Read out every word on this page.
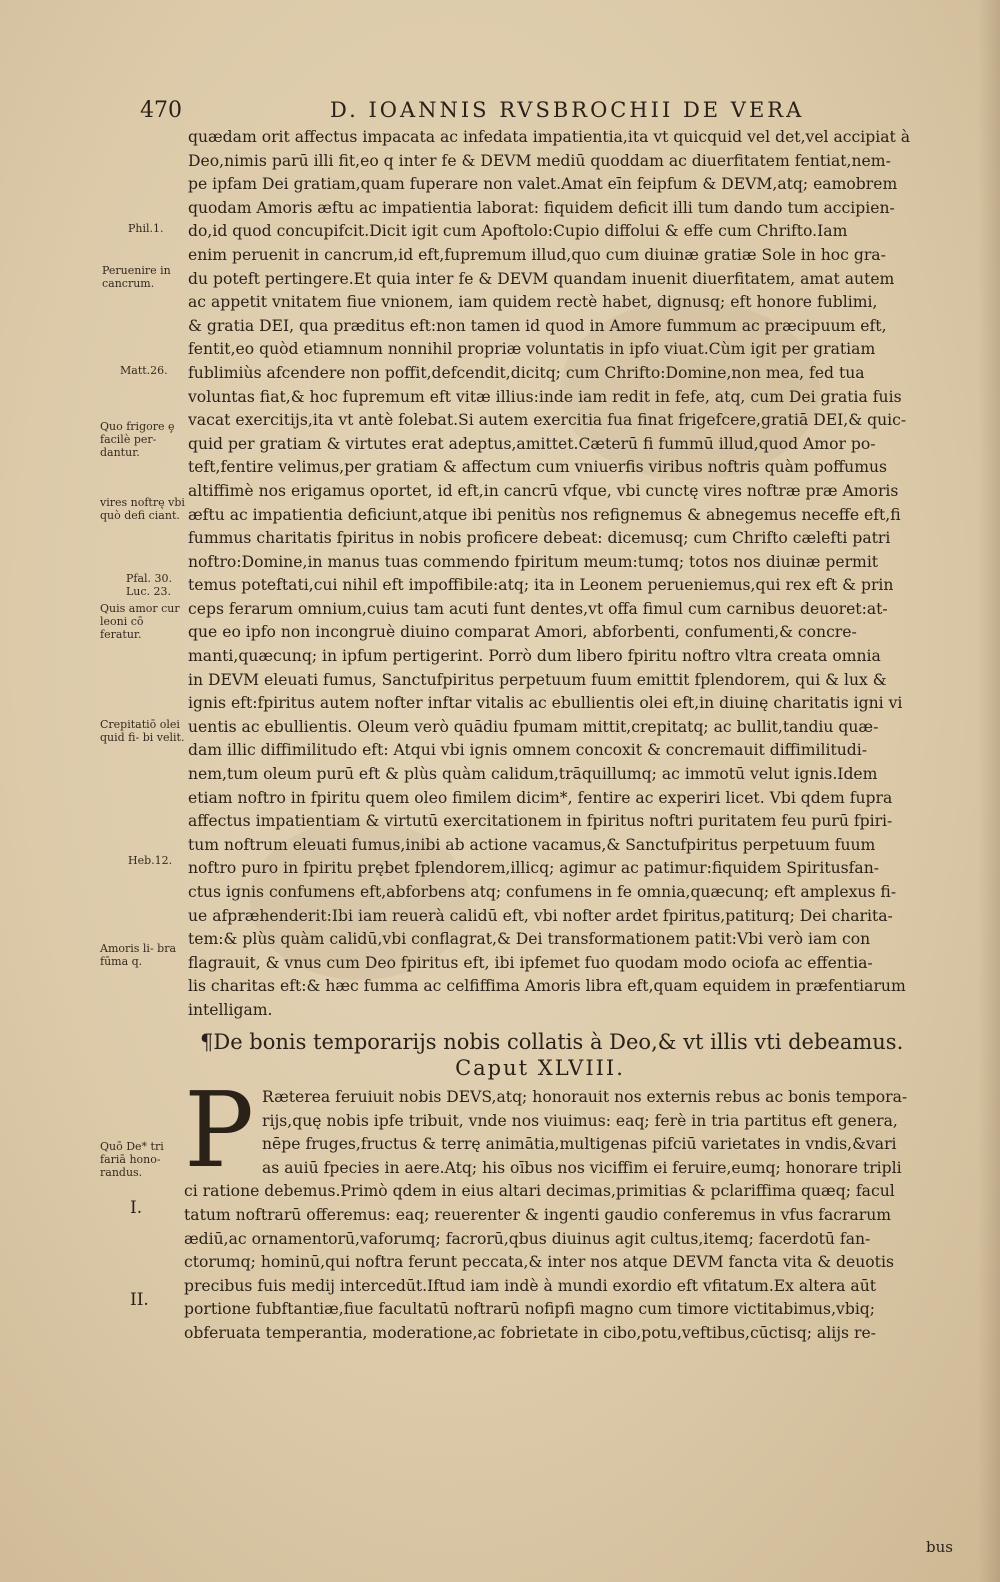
470	D. IOANNIS RVSBROCHII DE VERA
quædam orit affectus impacata ac infedata impatientia,ita vt quicquid vel det,vel accipiat à
Deo,nimis parū illi fit,eo q inter fe & DEVM mediū quoddam ac diuerfitatem fentiat,nem-
pe ipfam Dei gratiam,quam fuperare non valet.Amat eīn feipfum & DEVM,atq; eamobrem
quodam Amoris æftu ac impatientia laborat: fiquidem deficit illi tum dando tum accipien-
do,id quod concupifcit.Dicit igit cum Apoftolo:Cupio diffolui & effe cum Chrifto.Iam
enim peruenit in cancrum,id eft,fupremum illud,quo cum diuinæ gratiæ Sole in hoc gra-
du poteft pertingere.Et quia inter fe & DEVM quandam inuenit diuerfitatem, amat autem
ac appetit vnitatem fiue vnionem, iam quidem rectè habet, dignusq; eft honore fublimi,
& gratia DEI, qua præditus eft:non tamen id quod in Amore fummum ac præcipuum eft,
fentit,eo quòd etiamnum nonnihil propriæ voluntatis in ipfo viuat.Cùm igit per gratiam
fublimiùs afcendere non poffit,defcendit,dicitq; cum Chrifto:Domine,non mea, fed tua
voluntas fiat,& hoc fupremum eft vitæ illius:inde iam redit in fefe, atq, cum Dei gratia fuis
vacat exercitijs,ita vt antè folebat.Si autem exercitia fua finat frigefcere,gratiā DEI,& quic-
quid per gratiam & virtutes erat adeptus,amittet.Cæterū fi fummū illud,quod Amor po-
teft,fentire velimus,per gratiam & affectum cum vniuerfis viribus noftris quàm poffumus
altiffimè nos erigamus oportet, id eft,in cancrū vfque, vbi cunctę vires noftræ præ Amoris
æftu ac impatientia deficiunt,atque ibi penitùs nos refignemus & abnegemus neceffe eft,fi
fummus charitatis fpiritus in nobis proficere debeat: dicemusq; cum Chrifto cælefti patri
noftro:Domine,in manus tuas commendo fpiritum meum:tumq; totos nos diuinæ permit
temus poteftati,cui nihil eft impoffibile:atq; ita in Leonem perueniemus,qui rex eft & prin
ceps ferarum omnium,cuius tam acuti funt dentes,vt offa fimul cum carnibus deuoret:at-
que eo ipfo non incongruè diuino comparat Amori, abforbenti, confumenti,& concre-
manti,quæcunq; in ipfum pertigerint. Porrò dum libero fpiritu noftro vltra creata omnia
in DEVM eleuati fumus, Sanctufpiritus perpetuum fuum emittit fplendorem, qui & lux &
ignis eft:fpiritus autem nofter inftar vitalis ac ebullientis olei eft,in diuinę charitatis igni vi
uentis ac ebullientis. Oleum verò quādiu fpumam mittit,crepitatq; ac bullit,tandiu quæ-
dam illic diffimilitudo eft: Atqui vbi ignis omnem concoxit & concremauit diffimilitudi-
nem,tum oleum purū eft & plùs quàm calidum,trāquillumq; ac immotū velut ignis.Idem
etiam noftro in fpiritu quem oleo fimilem dicim*, fentire ac experiri licet. Vbi qdem fupra
affectus impatientiam & virtutū exercitationem in fpiritus noftri puritatem feu purū fpiri-
tum noftrum eleuati fumus,inibi ab actione vacamus,& Sanctufpiritus perpetuum fuum
noftro puro in fpiritu prębet fplendorem,illicq; agimur ac patimur:fiquidem Spiritusfan-
ctus ignis confumens eft,abforbens atq; confumens in fe omnia,quæcunq; eft amplexus fi-
ue afpræhenderit:Ibi iam reuerà calidū eft, vbi nofter ardet fpiritus,patiturq; Dei charita-
tem:& plùs quàm calidū,vbi conflagrat,& Dei transformationem patit:Vbi verò iam con
flagrauit, & vnus cum Deo fpiritus eft, ibi ipfemet fuo quodam modo ociofa ac effentia-
lis charitas eft:& hæc fumma ac celfiffima Amoris libra eft,quam equidem in præfentiarum
intelligam.
Phil.1.
Peruenire in cancrum.
Matt.26.
Quo frigore ȩ facilè per- dantur.
vires noftrę vbi quò defi ciant.
Pfal. 30. Luc. 23.
Quis amor cur leoni cō feratur.
Crepitatiō olei quid fi- bi velit.
Heb.12.
Amoris li- bra fūma q.
¶De bonis temporarijs nobis collatis à Deo,& vt illis vti debeamus.
Caput XLVIII.
P Ræterea feruiuit nobis DEVS,atq; honorauit nos externis rebus ac bonis tempora-
rijs,quę nobis ipfe tribuit, vnde nos viuimus: eaq; ferè in tria partitus eft genera,
nēpe fruges,fructus & terrę animātia,multigenas pifciū varietates in vndis,&vari
as auiū fpecies in aere.Atq; his oībus nos viciffim ei feruire,eumq; honorare tripli
ci ratione debemus.Primò qdem in eius altari decimas,primitias & pclariffima quæq; facul
tatum noftrarū offeremus: eaq; reuerenter & ingenti gaudio conferemus in vfus facrarum
ædiū,ac ornamentorū,vaforumq; facrorū,qbus diuinus agit cultus,itemq; facerdotū fan-
ctorumq; hominū,qui noftra ferunt peccata,& inter nos atque DEVM fancta vita & deuotis
precibus fuis medij intercedūt.Iftud iam indè à mundi exordio eft vfitatum.Ex altera aūt
portione fubftantiæ,fiue facultatū noftrarū nofipfi magno cum timore victitabimus,vbiq;
obferuata temperantia, moderatione,ac fobrietate in cibo,potu,veftibus,cūctisq; alijs re-
Quō De* tri fariā hono- randus.
I.
II.
bus
